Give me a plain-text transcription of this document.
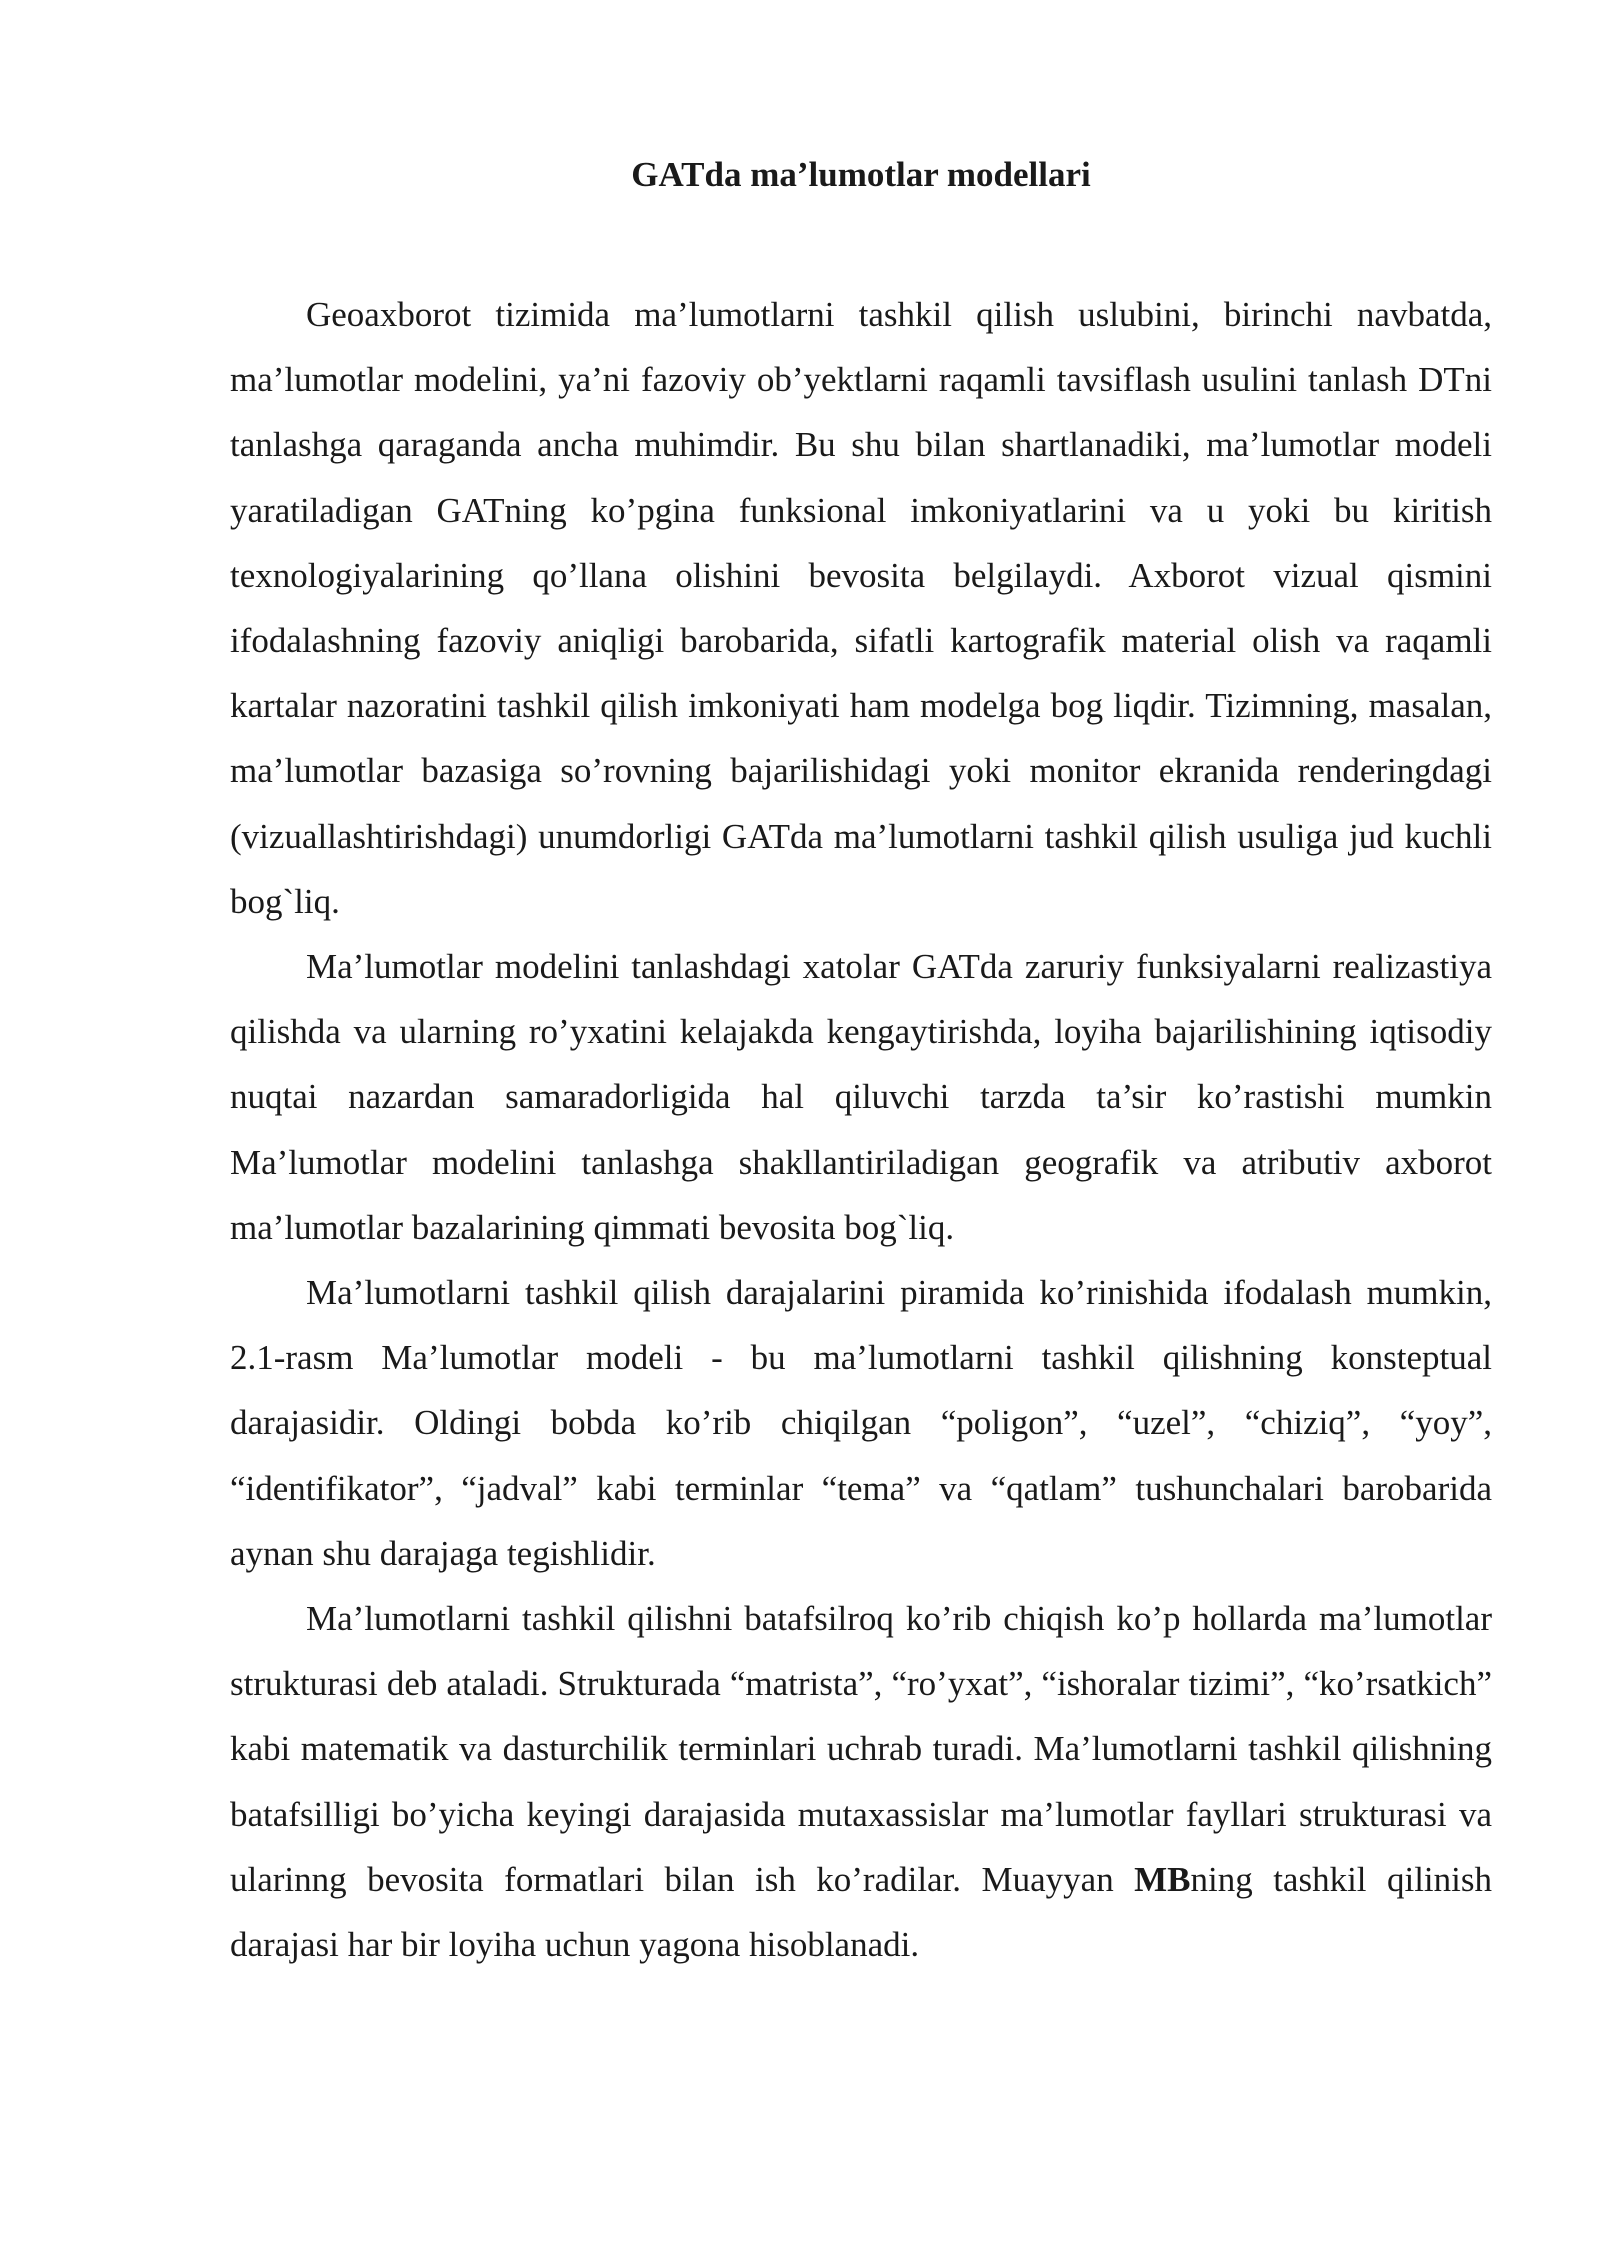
GATda ma’lumotlar modellari

Geoaxborot tizimida ma’lumotlarni tashkil qilish uslubini, birinchi navbatda, ma’lumotlar modelini, ya’ni fazoviy ob’yektlarni raqamli tavsiflash usulini tanlash DTni tanlashga qaraganda ancha muhimdir. Bu shu bilan shartlanadiki, ma’lumotlar modeli yaratiladigan GATning ko’pgina funksional imkoniyatlarini va u yoki bu kiritish texnologiyalarining qo’llana olishini bevosita belgilaydi. Axborot vizual qismini ifodalashning fazoviy aniqligi barobarida, sifatli kartografik material olish va raqamli kartalar nazoratini tashkil qilish imkoniyati ham modelga bog liqdir. Tizimning, masalan, ma’lumotlar bazasiga so’rovning bajarilishidagi yoki monitor ekranida renderingdagi (vizuallashtirishdagi) unumdorligi GATda ma’lumotlarni tashkil qilish usuliga jud kuchli bog`liq.

Ma’lumotlar modelini tanlashdagi xatolar GATda zaruriy funksiyalarni realizastiya qilishda va ularning ro’yxatini kelajakda kengaytirishda, loyiha bajarilishining iqtisodiy nuqtai nazardan samaradorligida hal qiluvchi tarzda ta’sir ko’rastishi mumkin Ma’lumotlar modelini tanlashga shakllantiriladigan geografik va atributiv axborot ma’lumotlar bazalarining qimmati bevosita bog`liq.

Ma’lumotlarni tashkil qilish darajalarini piramida ko’rinishida ifodalash mumkin, 2.1-rasm Ma’lumotlar modeli - bu ma’lumotlarni tashkil qilishning konsteptual darajasidir. Oldingi bobda ko’rib chiqilgan “poligon”, “uzel”, “chiziq”, “yoy”, “identifikator”, “jadval” kabi terminlar “tema” va “qatlam” tushunchalari barobarida aynan shu darajaga tegishlidir.

Ma’lumotlarni tashkil qilishni batafsilroq ko’rib chiqish ko’p hollarda ma’lumotlar strukturasi deb ataladi. Strukturada “matrista”, “ro’yxat”, “ishoralar tizimi”, “ko’rsatkich” kabi matematik va dasturchilik terminlari uchrab turadi. Ma’lumotlarni tashkil qilishning batafsilligi bo’yicha keyingi darajasida mutaxassislar ma’lumotlar fayllari strukturasi va ularinng bevosita formatlari bilan ish ko’radilar. Muayyan MBning tashkil qilinish darajasi har bir loyiha uchun yagona hisoblanadi.
